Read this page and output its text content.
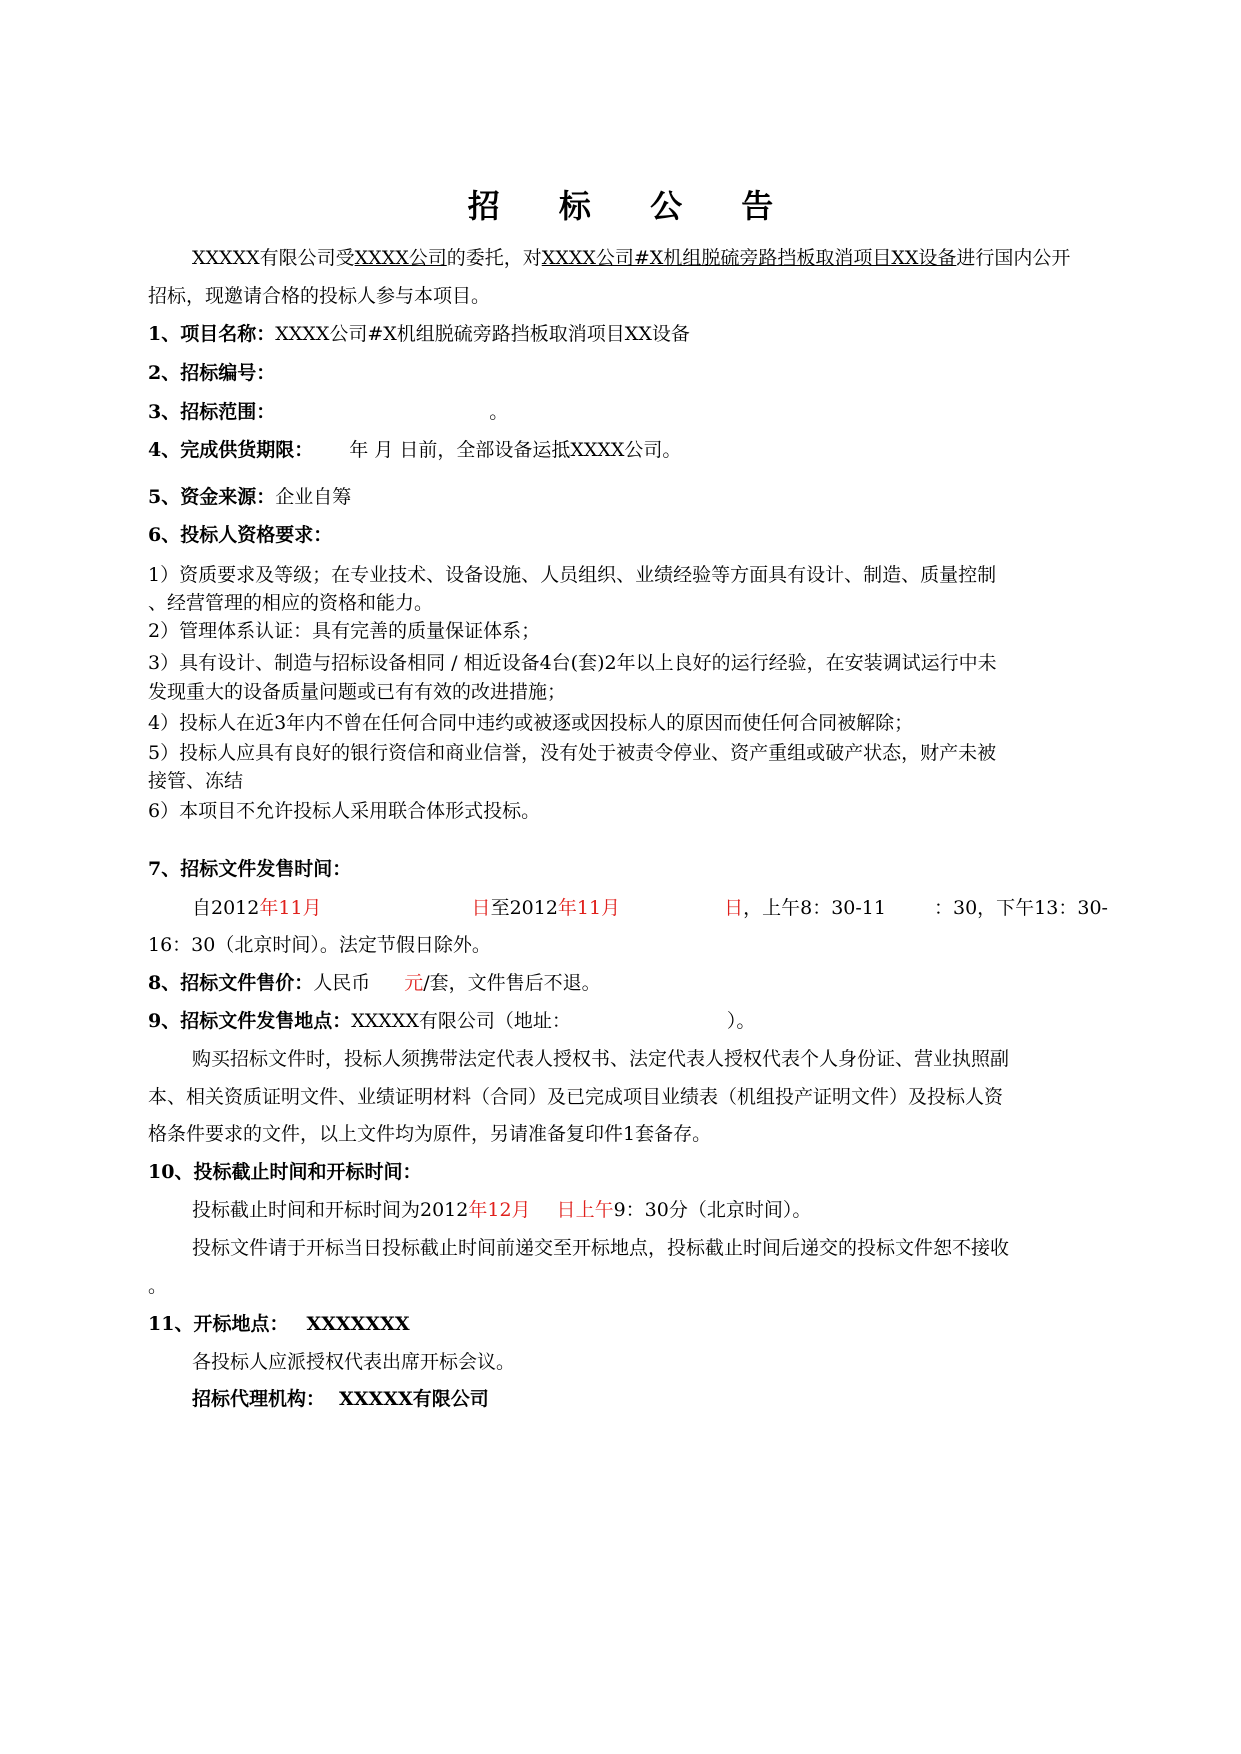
招 标 公 告
XXXXX有限公司受XXXX公司的委托，对XXXX公司#X机组脱硫旁路挡板取消项目XX设备进行国内公开
招标，现邀请合格的投标人参与本项目。
1、项目名称：XXXX公司#X机组脱硫旁路挡板取消项目XX设备
2、招标编号：
3、招标范围：	。
4、完成供货期限： 年 月 日前，全部设备运抵XXXX公司。
5、资金来源：企业自筹
6、投标人资格要求：
1）资质要求及等级；在专业技术、设备设施、人员组织、业绩经验等方面具有设计、制造、质量控制
、经营管理的相应的资格和能力。
2）管理体系认证：具有完善的质量保证体系；
3）具有设计、制造与招标设备相同 / 相近设备4台(套)2年以上良好的运行经验，在安装调试运行中未
发现重大的设备质量问题或已有有效的改进措施；
4）投标人在近3年内不曾在任何合同中违约或被逐或因投标人的原因而使任何合同被解除；
5）投标人应具有良好的银行资信和商业信誉，没有处于被责令停业、资产重组或破产状态，财产未被
接管、冻结
6）本项目不允许投标人采用联合体形式投标。
7、招标文件发售时间：
自2012年11月	日至2012年11月	日，上午8：30-11	：30，下午13：30-
16：30（北京时间）。法定节假日除外。
8、招标文件售价：人民币 元/套，文件售后不退。
9、招标文件发售地点：XXXXX有限公司（地址：	）。
购买招标文件时，投标人须携带法定代表人授权书、法定代表人授权代表个人身份证、营业执照副
本、相关资质证明文件、业绩证明材料（合同）及已完成项目业绩表（机组投产证明文件）及投标人资
格条件要求的文件，以上文件均为原件，另请准备复印件1套备存。
10、投标截止时间和开标时间：
投标截止时间和开标时间为2012年12月 日上午9：30分（北京时间）。
投标文件请于开标当日投标截止时间前递交至开标地点，投标截止时间后递交的投标文件恕不接收
。
11、开标地点： XXXXXXX
各投标人应派授权代表出席开标会议。
招标代理机构： XXXXX有限公司
